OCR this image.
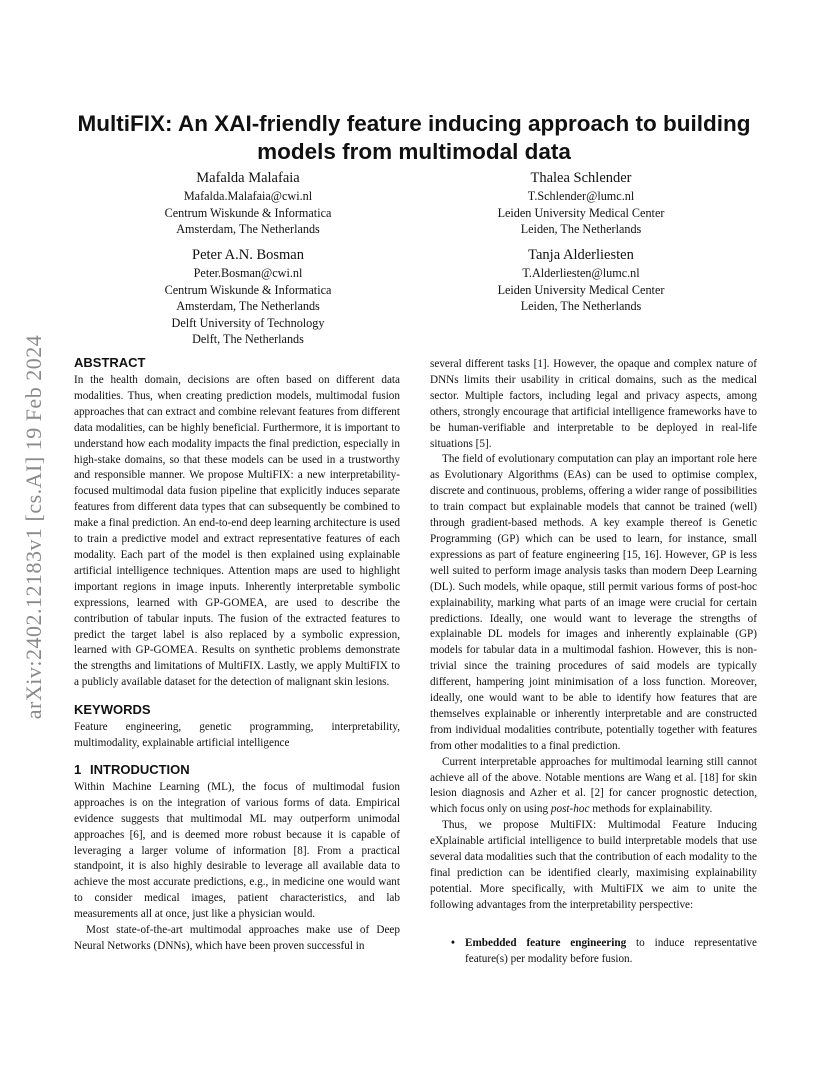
arXiv:2402.12183v1 [cs.AI] 19 Feb 2024
MultiFIX: An XAI-friendly feature inducing approach to building models from multimodal data
Mafalda Malafaia
Mafalda.Malafaia@cwi.nl
Centrum Wiskunde & Informatica
Amsterdam, The Netherlands
Thalea Schlender
T.Schlender@lumc.nl
Leiden University Medical Center
Leiden, The Netherlands
Peter A.N. Bosman
Peter.Bosman@cwi.nl
Centrum Wiskunde & Informatica
Amsterdam, The Netherlands
Delft University of Technology
Delft, The Netherlands
Tanja Alderliesten
T.Alderliesten@lumc.nl
Leiden University Medical Center
Leiden, The Netherlands
ABSTRACT

In the health domain, decisions are often based on different data modalities. Thus, when creating prediction models, multimodal fusion approaches that can extract and combine relevant features from different data modalities, can be highly beneficial. Furthermore, it is important to understand how each modality impacts the final prediction, especially in high-stake domains, so that these models can be used in a trustworthy and responsible manner. We propose MultiFIX: a new interpretability-focused multimodal data fusion pipeline that explicitly induces separate features from different data types that can subsequently be combined to make a final prediction. An end-to-end deep learning architecture is used to train a predictive model and extract representative features of each modality. Each part of the model is then explained using explainable artificial intelligence techniques. Attention maps are used to highlight important regions in image inputs. Inherently interpretable symbolic expressions, learned with GP-GOMEA, are used to describe the contribution of tabular inputs. The fusion of the extracted features to predict the target label is also replaced by a symbolic expression, learned with GP-GOMEA. Results on synthetic problems demonstrate the strengths and limitations of MultiFIX. Lastly, we apply MultiFIX to a publicly available dataset for the detection of malignant skin lesions.

KEYWORDS

Feature engineering, genetic programming, interpretability, multimodality, explainable artificial intelligence

1 INTRODUCTION

Within Machine Learning (ML), the focus of multimodal fusion approaches is on the integration of various forms of data. Empirical evidence suggests that multimodal ML may outperform unimodal approaches [6], and is deemed more robust because it is capable of leveraging a larger volume of information [8]. From a practical standpoint, it is also highly desirable to leverage all available data to achieve the most accurate predictions, e.g., in medicine one would want to consider medical images, patient characteristics, and lab measurements all at once, just like a physician would.

Most state-of-the-art multimodal approaches make use of Deep Neural Networks (DNNs), which have been proven successful in

several different tasks [1]. However, the opaque and complex nature of DNNs limits their usability in critical domains, such as the medical sector. Multiple factors, including legal and privacy aspects, among others, strongly encourage that artificial intelligence frameworks have to be human-verifiable and interpretable to be deployed in real-life situations [5].

The field of evolutionary computation can play an important role here as Evolutionary Algorithms (EAs) can be used to optimise complex, discrete and continuous, problems, offering a wider range of possibilities to train compact but explainable models that cannot be trained (well) through gradient-based methods. A key example thereof is Genetic Programming (GP) which can be used to learn, for instance, small expressions as part of feature engineering [15, 16]. However, GP is less well suited to perform image analysis tasks than modern Deep Learning (DL). Such models, while opaque, still permit various forms of post-hoc explainability, marking what parts of an image were crucial for certain predictions. Ideally, one would want to leverage the strengths of explainable DL models for images and inherently explainable (GP) models for tabular data in a multimodal fashion. However, this is non-trivial since the training procedures of said models are typically different, hampering joint minimisation of a loss function. Moreover, ideally, one would want to be able to identify how features that are themselves explainable or inherently interpretable and are constructed from individual modalities contribute, potentially together with features from other modalities to a final prediction.

Current interpretable approaches for multimodal learning still cannot achieve all of the above. Notable mentions are Wang et al. [18] for skin lesion diagnosis and Azher et al. [2] for cancer prognostic detection, which focus only on using post-hoc methods for explainability.

Thus, we propose MultiFIX: Multimodal Feature Inducing eXplainable artificial intelligence to build interpretable models that use several data modalities such that the contribution of each modality to the final prediction can be identified clearly, maximising explainability potential. More specifically, with MultiFIX we aim to unite the following advantages from the interpretability perspective:

• Embedded feature engineering to induce representative feature(s) per modality before fusion.
